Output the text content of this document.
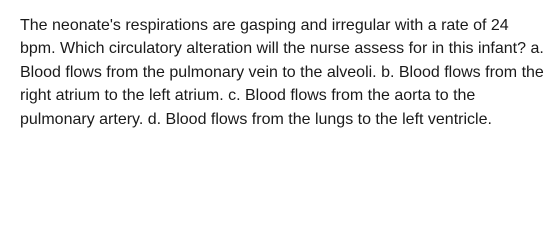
The neonate's respirations are gasping and irregular with a rate of 24 bpm. Which circulatory alteration will the nurse assess for in this infant? a. Blood flows from the pulmonary vein to the alveoli. b. Blood flows from the right atrium to the left atrium. c. Blood flows from the aorta to the pulmonary artery. d. Blood flows from the lungs to the left ventricle.
